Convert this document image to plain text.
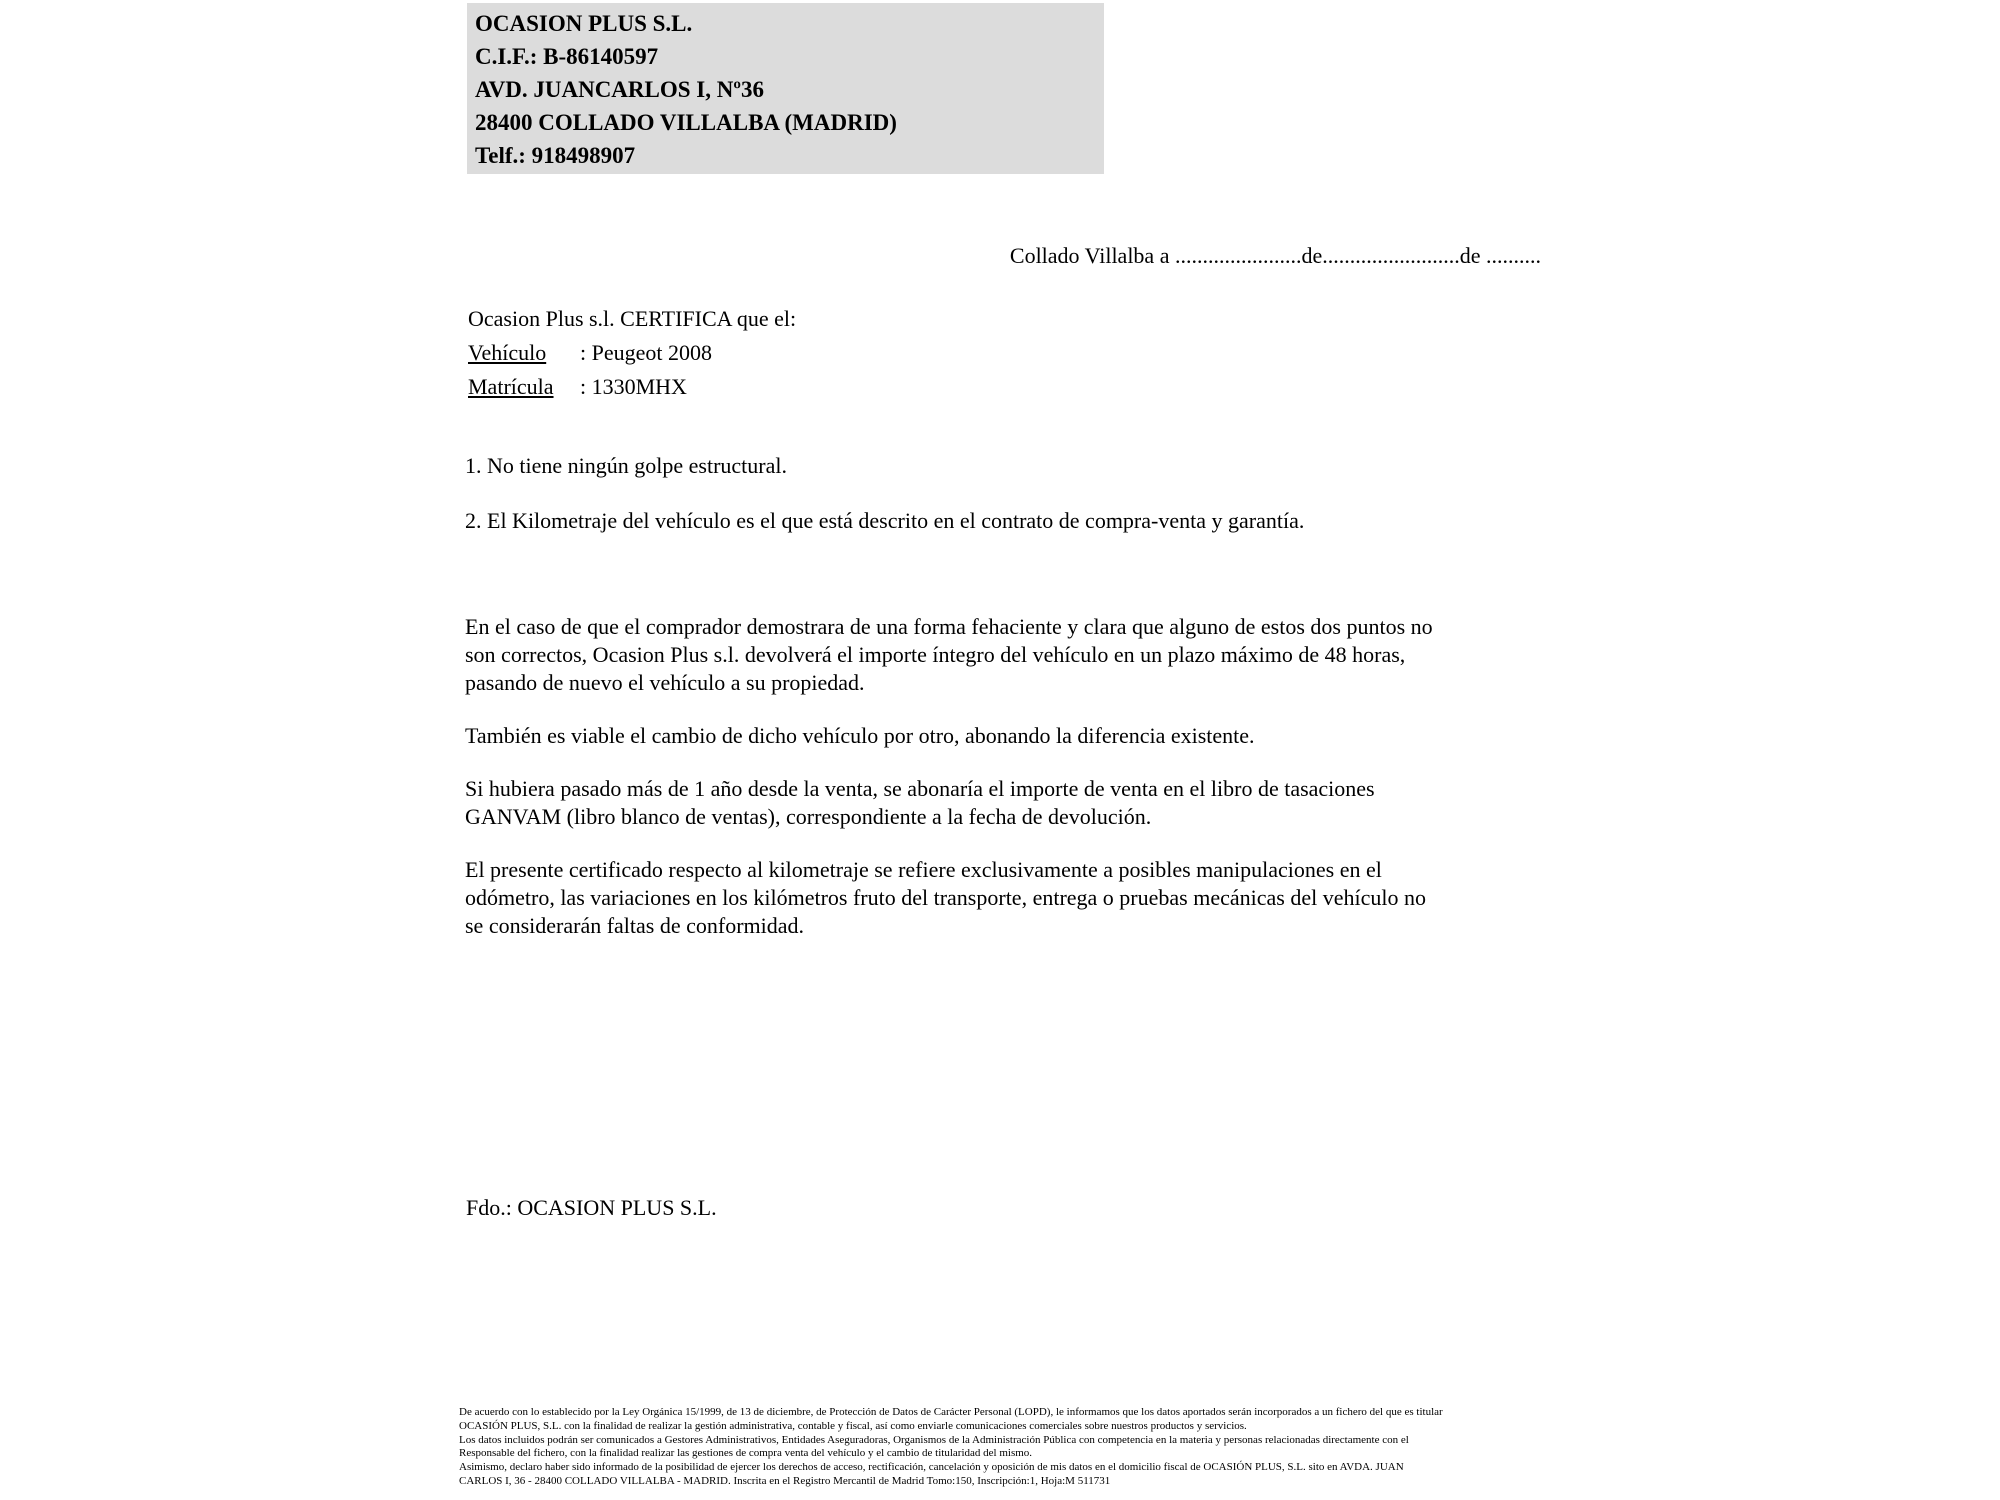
OCASION PLUS S.L.
C.I.F.: B-86140597
AVD. JUANCARLOS I, Nº36
28400 COLLADO VILLALBA (MADRID)
Telf.: 918498907
Collado Villalba a .......................de.........................de ..........
Ocasion Plus s.l. CERTIFICA que el:
Vehículo : Peugeot 2008
Matrícula : 1330MHX
1. No tiene ningún golpe estructural.
2. El Kilometraje del vehículo es el que está descrito en el contrato de compra-venta y garantía.
En el caso de que el comprador demostrara de una forma fehaciente y clara que alguno de estos dos puntos no
son correctos, Ocasion Plus s.l. devolverá el importe íntegro del vehículo en un plazo máximo de 48 horas,
pasando de nuevo el vehículo a su propiedad.
También es viable el cambio de dicho vehículo por otro, abonando la diferencia existente.
Si hubiera pasado más de 1 año desde la venta, se abonaría el importe de venta en el libro de tasaciones
GANVAM (libro blanco de ventas), correspondiente a la fecha de devolución.
El presente certificado respecto al kilometraje se refiere exclusivamente a posibles manipulaciones en el
odómetro, las variaciones en los kilómetros fruto del transporte, entrega o pruebas mecánicas del vehículo no
se considerarán faltas de conformidad.
Fdo.: OCASION PLUS S.L.
De acuerdo con lo establecido por la Ley Orgánica 15/1999, de 13 de diciembre, de Protección de Datos de Carácter Personal (LOPD), le informamos que los datos aportados serán incorporados a un fichero del que es titular
OCASIÓN PLUS, S.L. con la finalidad de realizar la gestión administrativa, contable y fiscal, así como enviarle comunicaciones comerciales sobre nuestros productos y servicios.
Los datos incluidos podrán ser comunicados a Gestores Administrativos, Entidades Aseguradoras, Organismos de la Administración Pública con competencia en la materia y personas relacionadas directamente con el
Responsable del fichero, con la finalidad realizar las gestiones de compra venta del vehículo y el cambio de titularidad del mismo.
Asimismo, declaro haber sido informado de la posibilidad de ejercer los derechos de acceso, rectificación, cancelación y oposición de mis datos en el domicilio fiscal de OCASIÓN PLUS, S.L. sito en AVDA. JUAN
CARLOS I, 36 - 28400 COLLADO VILLALBA - MADRID. Inscrita en el Registro Mercantil de Madrid Tomo:150, Inscripción:1, Hoja:M 511731
